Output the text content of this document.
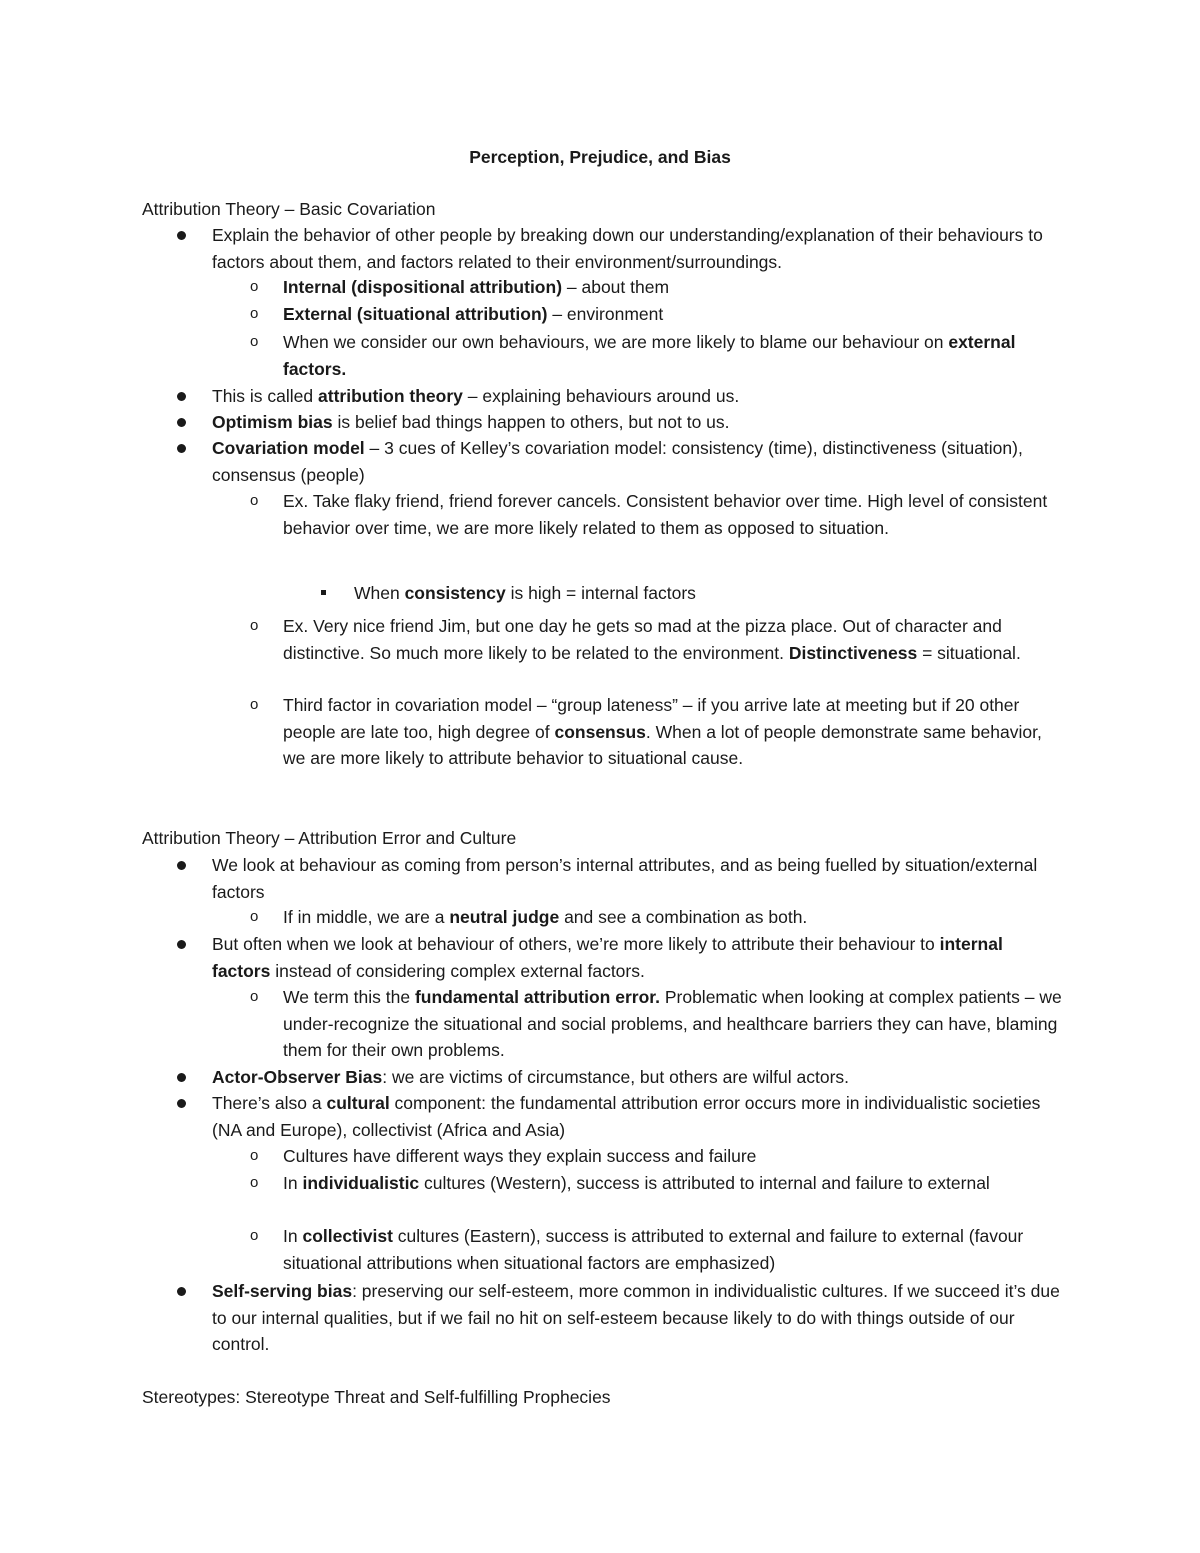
Perception, Prejudice, and Bias
Attribution Theory – Basic Covariation
Explain the behavior of other people by breaking down our understanding/explanation of their behaviours to factors about them, and factors related to their environment/surroundings.
o Internal (dispositional attribution) – about them
o External (situational attribution) – environment
o When we consider our own behaviours, we are more likely to blame our behaviour on external factors.
This is called attribution theory – explaining behaviours around us.
Optimism bias is belief bad things happen to others, but not to us.
Covariation model – 3 cues of Kelley’s covariation model: consistency (time), distinctiveness (situation), consensus (people)
o Ex. Take flaky friend, friend forever cancels. Consistent behavior over time. High level of consistent behavior over time, we are more likely related to them as opposed to situation.
When consistency is high = internal factors
o Ex. Very nice friend Jim, but one day he gets so mad at the pizza place. Out of character and distinctive. So much more likely to be related to the environment. Distinctiveness = situational.
o Third factor in covariation model – “group lateness” – if you arrive late at meeting but if 20 other people are late too, high degree of consensus. When a lot of people demonstrate same behavior, we are more likely to attribute behavior to situational cause.
Attribution Theory – Attribution Error and Culture
We look at behaviour as coming from person’s internal attributes, and as being fuelled by situation/external factors
o If in middle, we are a neutral judge and see a combination as both.
But often when we look at behaviour of others, we’re more likely to attribute their behaviour to internal factors instead of considering complex external factors.
o We term this the fundamental attribution error. Problematic when looking at complex patients – we under-recognize the situational and social problems, and healthcare barriers they can have, blaming them for their own problems.
Actor-Observer Bias: we are victims of circumstance, but others are wilful actors.
There’s also a cultural component: the fundamental attribution error occurs more in individualistic societies (NA and Europe), collectivist (Africa and Asia)
o Cultures have different ways they explain success and failure
o In individualistic cultures (Western), success is attributed to internal and failure to external
o In collectivist cultures (Eastern), success is attributed to external and failure to external (favour situational attributions when situational factors are emphasized)
Self-serving bias: preserving our self-esteem, more common in individualistic cultures. If we succeed it’s due to our internal qualities, but if we fail no hit on self-esteem because likely to do with things outside of our control.
Stereotypes: Stereotype Threat and Self-fulfilling Prophecies
